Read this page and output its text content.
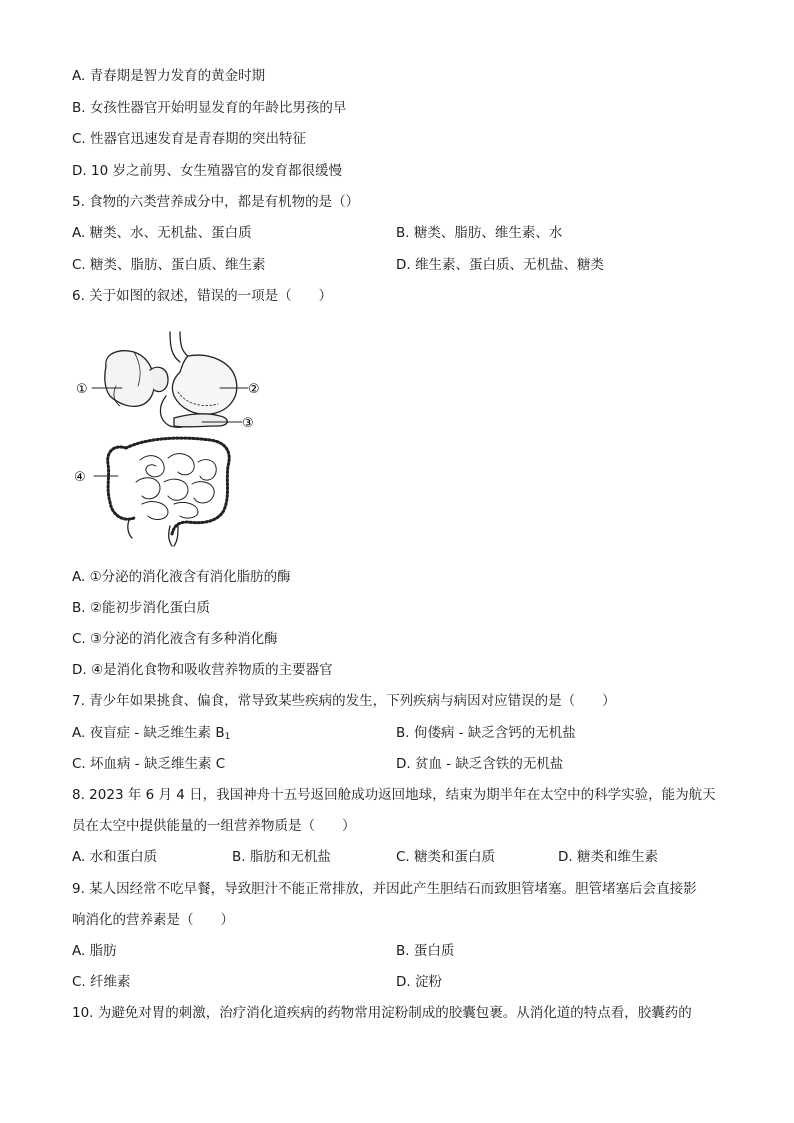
A. 青春期是智力发育的黄金时期
B. 女孩性器官开始明显发育的年龄比男孩的早
C. 性器官迅速发育是青春期的突出特征
D. 10 岁之前男、女生殖器官的发育都很缓慢
5. 食物的六类营养成分中，都是有机物的是（）
A. 糖类、水、无机盐、蛋白质	B. 糖类、脂肪、维生素、水
C. 糖类、脂肪、蛋白质、维生素	D. 维生素、蛋白质、无机盐、糖类
6. 关于如图的叙述，错误的一项是（　　）
①	②
③
④
A. ①分泌的消化液含有消化脂肪的酶
B. ②能初步消化蛋白质
C. ③分泌的消化液含有多种消化酶
D. ④是消化食物和吸收营养物质的主要器官
7. 青少年如果挑食、偏食，常导致某些疾病的发生，下列疾病与病因对应错误的是（　　）
A. 夜盲症 - 缺乏维生素 $B_1$	B. 佝偻病 - 缺乏含钙的无机盐
C. 坏血病 - 缺乏维生素 C	D. 贫血 - 缺乏含铁的无机盐
8. 2023 年 6 月 4 日，我国神舟十五号返回舱成功返回地球，结束为期半年在太空中的科学实验，能为航天
员在太空中提供能量的一组营养物质是（　　）
A. 水和蛋白质	B. 脂肪和无机盐	C. 糖类和蛋白质	D. 糖类和维生素
9. 某人因经常不吃早餐，导致胆汁不能正常排放，并因此产生胆结石而致胆管堵塞。胆管堵塞后会直接影
响消化的营养素是（　　）
A. 脂肪	B. 蛋白质
C. 纤维素	D. 淀粉
10. 为避免对胃的刺激，治疗消化道疾病的药物常用淀粉制成的胶囊包裹。从消化道的特点看，胶囊药的
